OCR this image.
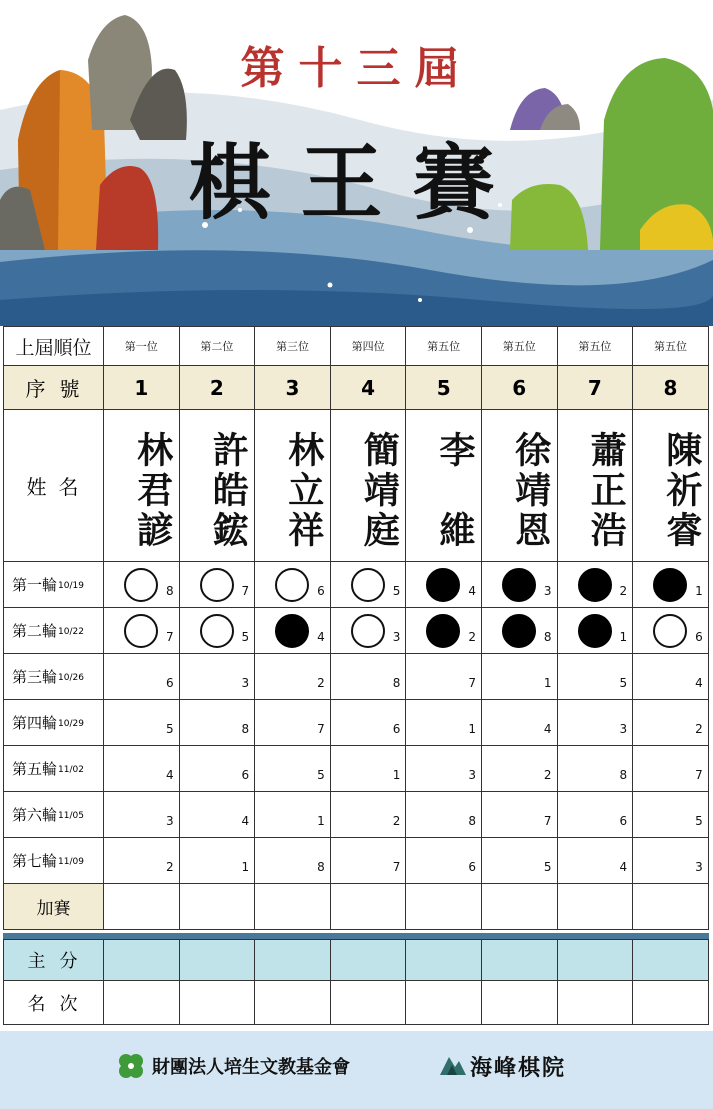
第十三屆
棋王賽
上屆順位	第一位	第二位	第三位	第四位	第五位	第五位	第五位	第五位
序號	1	2	3	4	5	6	7	8
姓名	林君諺 許皓鋐 林立祥 簡靖庭 李　維 徐靖恩 蕭正浩 陳祈睿
第一輪 10/19	8	7	6	5	4	3	2	1
第二輪 10/22	7	5	4	3	2	8	1	6
第三輪 10/26	6	3	2	8	7	1	5	4
第四輪 10/29	5	8	7	6	1	4	3	2
第五輪 11/02	4	6	5	1	3	2	8	7
第六輪 11/05	3	4	1	2	8	7	6	5
第七輪 11/09	2	1	8	7	6	5	4	3
加賽
主分
名次
財團法人培生文教基金會	海峰棋院
